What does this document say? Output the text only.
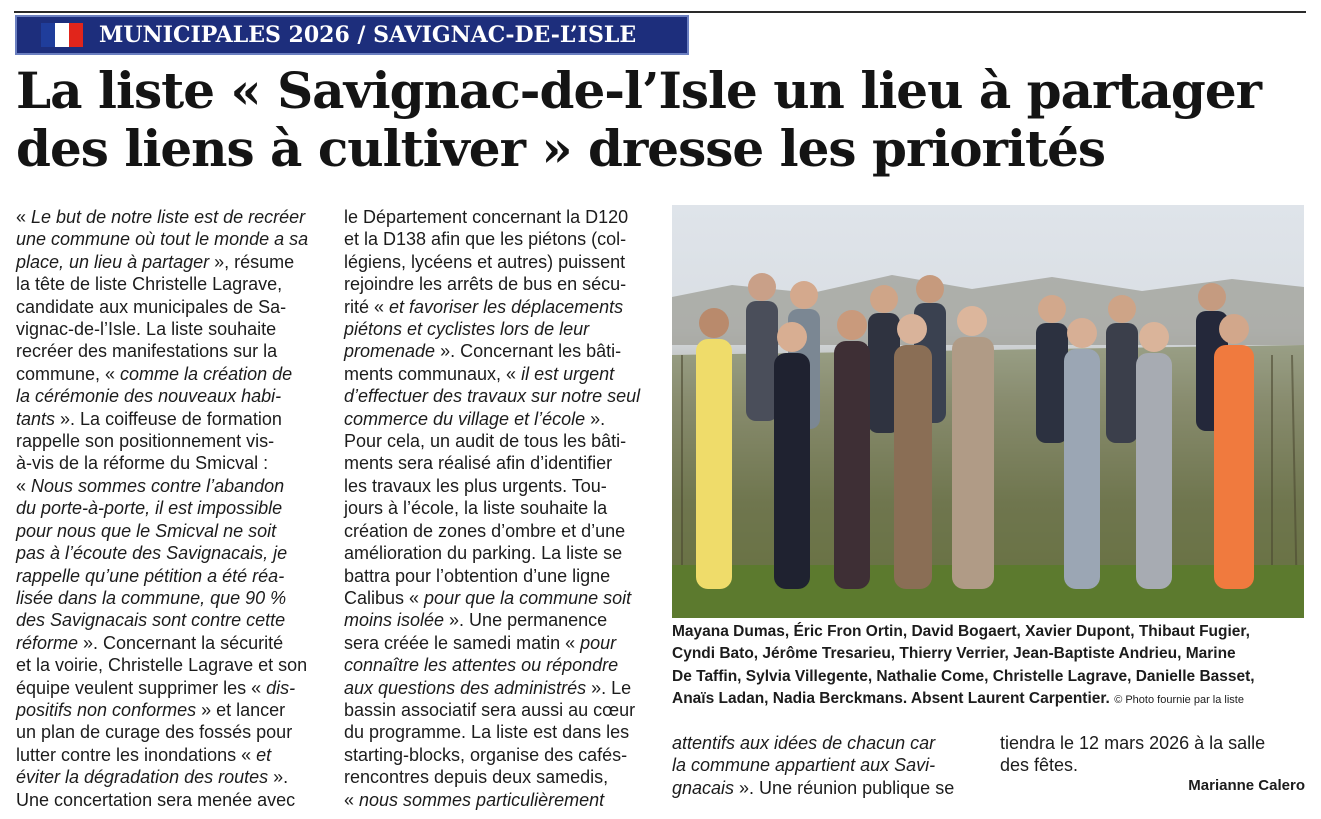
MUNICIPALES 2026 / SAVIGNAC-DE-L’ISLE
La liste « Savignac-de-l’Isle un lieu à partager
des liens à cultiver » dresse les priorités
« Le but de notre liste est de recréer
une commune où tout le monde a sa
place, un lieu à partager », résume
la tête de liste Christelle Lagrave,
candidate aux municipales de Sa-
vignac-de-l’Isle. La liste souhaite
recréer des manifestations sur la
commune, « comme la création de
la cérémonie des nouveaux habi-
tants ». La coiffeuse de formation
rappelle son positionnement vis-
à-vis de la réforme du Smicval :
« Nous sommes contre l’abandon
du porte-à-porte, il est impossible
pour nous que le Smicval ne soit
pas à l’écoute des Savignacais, je
rappelle qu’une pétition a été réa-
lisée dans la commune, que 90 %
des Savignacais sont contre cette
réforme ». Concernant la sécurité
et la voirie, Christelle Lagrave et son
équipe veulent supprimer les « dis-
positifs non conformes » et lancer
un plan de curage des fossés pour
lutter contre les inondations « et
éviter la dégradation des routes ».
Une concertation sera menée avec
le Département concernant la D120
et la D138 afin que les piétons (col-
légiens, lycéens et autres) puissent
rejoindre les arrêts de bus en sécu-
rité « et favoriser les déplacements
piétons et cyclistes lors de leur
promenade ». Concernant les bâti-
ments communaux, « il est urgent
d’effectuer des travaux sur notre seul
commerce du village et l’école ».
Pour cela, un audit de tous les bâti-
ments sera réalisé afin d’identifier
les travaux les plus urgents. Tou-
jours à l’école, la liste souhaite la
création de zones d’ombre et d’une
amélioration du parking. La liste se
battra pour l’obtention d’une ligne
Calibus « pour que la commune soit
moins isolée ». Une permanence
sera créée le samedi matin « pour
connaître les attentes ou répondre
aux questions des administrés ». Le
bassin associatif sera aussi au cœur
du programme. La liste est dans les
starting-blocks, organise des cafés-
rencontres depuis deux samedis,
« nous sommes particulièrement
Mayana Dumas, Éric Fron Ortin, David Bogaert, Xavier Dupont, Thibaut Fugier,
Cyndi Bato, Jérôme Tresarieu, Thierry Verrier, Jean-Baptiste Andrieu, Marine
De Taffin, Sylvia Villegente, Nathalie Come, Christelle Lagrave, Danielle Basset,
Anaïs Ladan, Nadia Berckmans. Absent Laurent Carpentier. © Photo fournie par la liste
attentifs aux idées de chacun car
la commune appartient aux Savi-
gnacais ». Une réunion publique se
tiendra le 12 mars 2026 à la salle
des fêtes.
Marianne Calero
